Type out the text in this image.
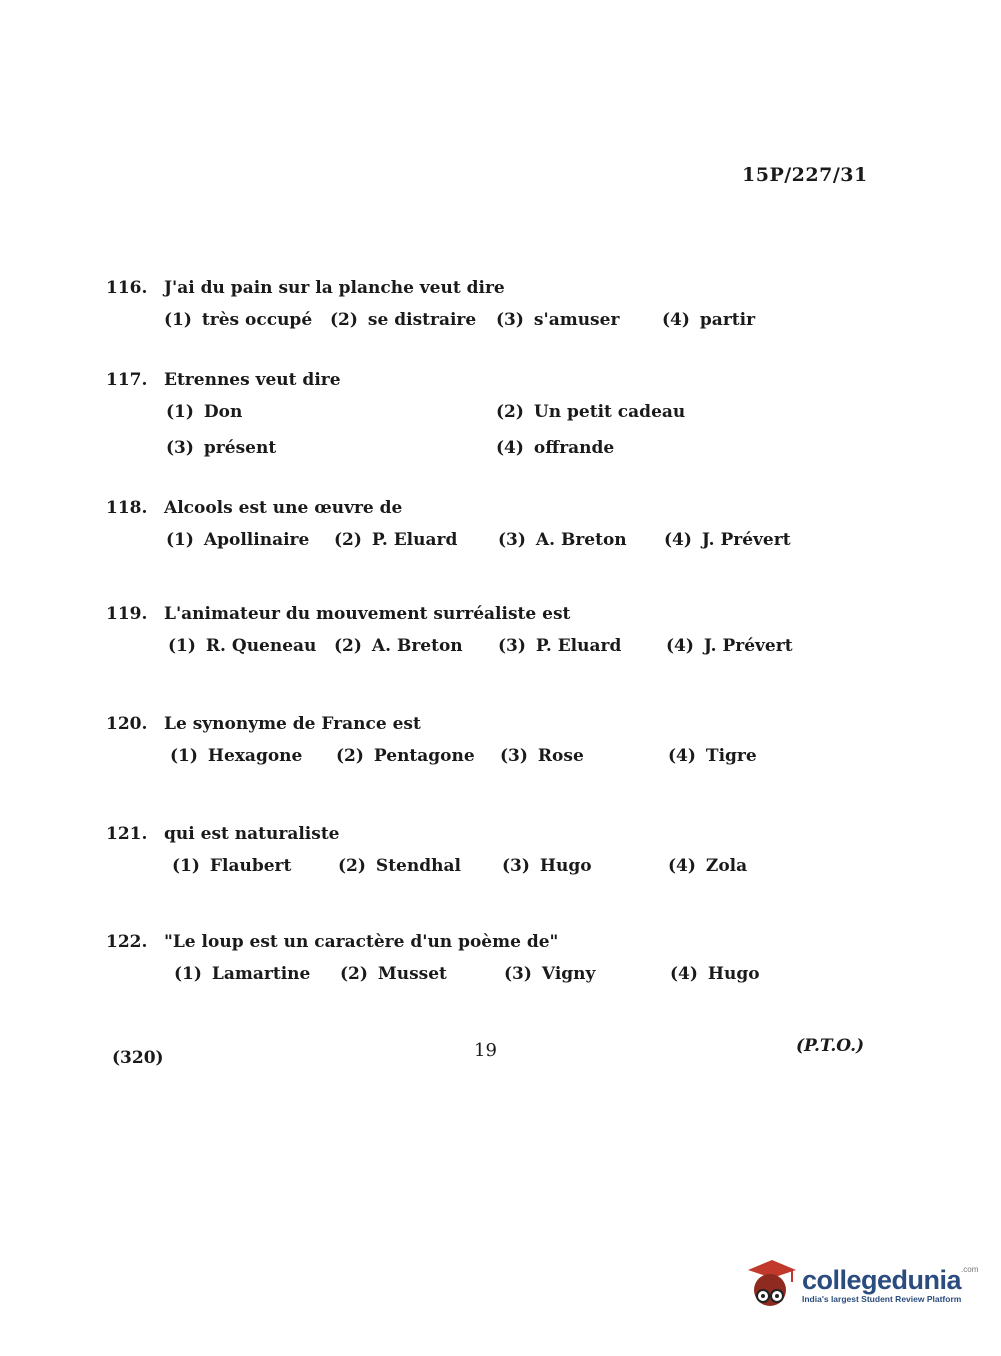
15P/227/31
116. J'ai du pain sur la planche veut dire
(1) très occupé (2) se distraire (3) s'amuser	(4) partir
117. Etrennes veut dire
(1) Don	(2) Un petit cadeau
(3) présent	(4) offrande
118. Alcools est une œuvre de
(1) Apollinaire (2) P. Eluard (3) A. Breton (4) J. Prévert
119. L'animateur du mouvement surréaliste est
(1) R. Queneau (2) A. Breton (3) P. Eluard	(4) J. Prévert
120. Le synonyme de France est
(1) Hexagone (2) Pentagone (3) Rose	(4) Tigre
121. qui est naturaliste
(1) Flaubert	(2) Stendhal (3) Hugo	(4) Zola
122. "Le loup est un caractère d'un poème de"
(1) Lamartine (2) Musset	(3) Vigny	(4) Hugo
(320)	19	(P.T.O.)
collegedunia$^{.com}$
India's largest Student Review Platform
